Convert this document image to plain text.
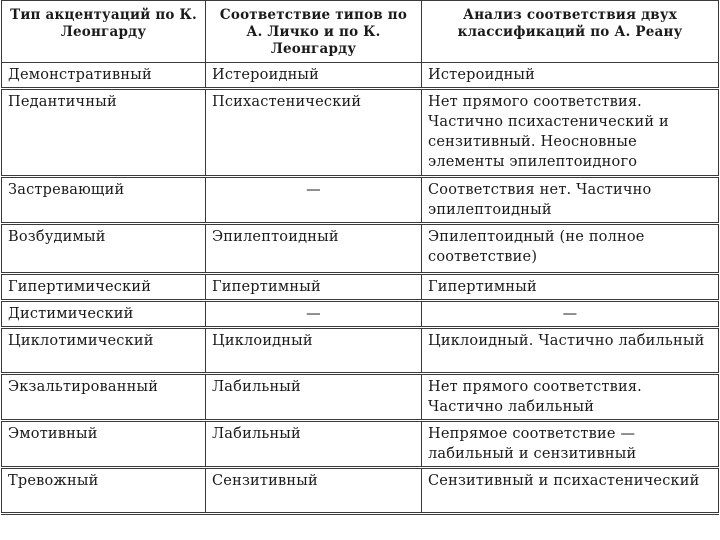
Тип акцентуаций по К. Леонгарду	Соответствие типов по А. Личко и по К. Леонгарду	Анализ соответствия двух классификаций по А. Реану
Демонстративный	Истероидный	Истероидный
Педантичный	Психастенический	Нет прямого соответствия. Частично психастенический и сензитивный. Неосновные элементы эпилептоидного
Застревающий	—	Соответствия нет. Частично эпилептоидный
Возбудимый	Эпилептоидный	Эпилептоидный (не полное соответствие)
Гипертимический	Гипертимный	Гипертимный
Дистимический	—	—
Циклотимический	Циклоидный	Циклоидный. Частично лабильный
Экзальтированный	Лабильный	Нет прямого соответствия. Частично лабильный
Эмотивный	Лабильный	Непрямое соответствие — лабильный и сензитивный
Тревожный	Сензитивный	Сензитивный и психастенический
